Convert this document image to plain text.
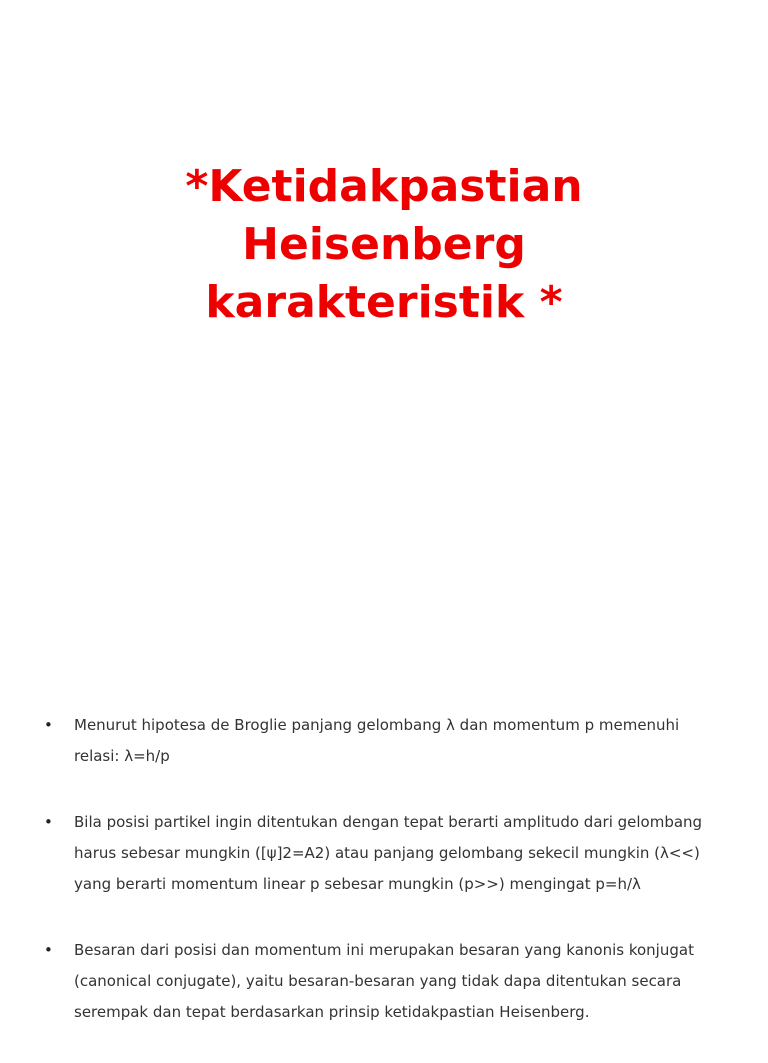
*Ketidakpastian
Heisenberg
karakteristik *
• Menurut hipotesa de Broglie panjang gelombang λ dan momentum p memenuhi relasi: λ=h/p
• Bila posisi partikel ingin ditentukan dengan tepat berarti amplitudo dari gelombang harus sebesar mungkin ([ψ]2=A2) atau panjang gelombang sekecil mungkin (λ<<) yang berarti momentum linear p sebesar mungkin (p>>) mengingat p=h/λ
• Besaran dari posisi dan momentum ini merupakan besaran yang kanonis konjugat (canonical conjugate), yaitu besaran-besaran yang tidak dapa ditentukan secara serempak dan tepat berdasarkan prinsip ketidakpastian Heisenberg.
